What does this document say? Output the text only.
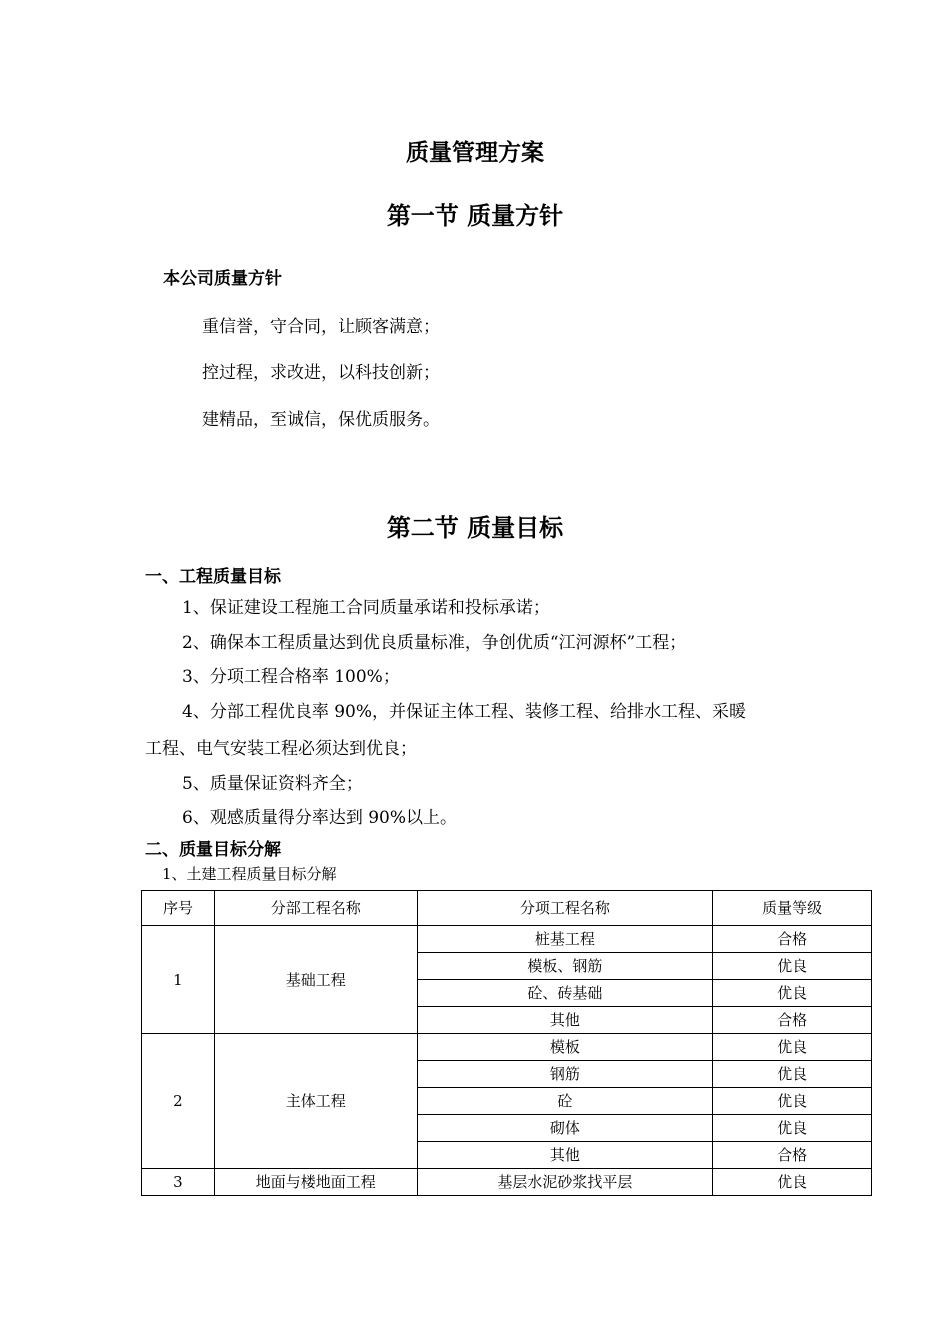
质量管理方案
第一节 质量方针
本公司质量方针
重信誉，守合同，让顾客满意；
控过程，求改进，以科技创新；
建精品，至诚信，保优质服务。
第二节 质量目标
一、工程质量目标
1、保证建设工程施工合同质量承诺和投标承诺；
2、确保本工程质量达到优良质量标准，争创优质“江河源杯”工程；
3、分项工程合格率 100%；
4、分部工程优良率 90%，并保证主体工程、装修工程、给排水工程、采暖
工程、电气安装工程必须达到优良；
5、质量保证资料齐全；
6、观感质量得分率达到 90%以上。
二、质量目标分解
1、土建工程质量目标分解
序号	分部工程名称	分项工程名称	质量等级
1	基础工程	桩基工程	合格
		模板、钢筋	优良
		砼、砖基础	优良
		其他	合格
2	主体工程	模板	优良
		钢筋	优良
		砼	优良
		砌体	优良
		其他	合格
3	地面与楼地面工程	基层水泥砂浆找平层	优良
